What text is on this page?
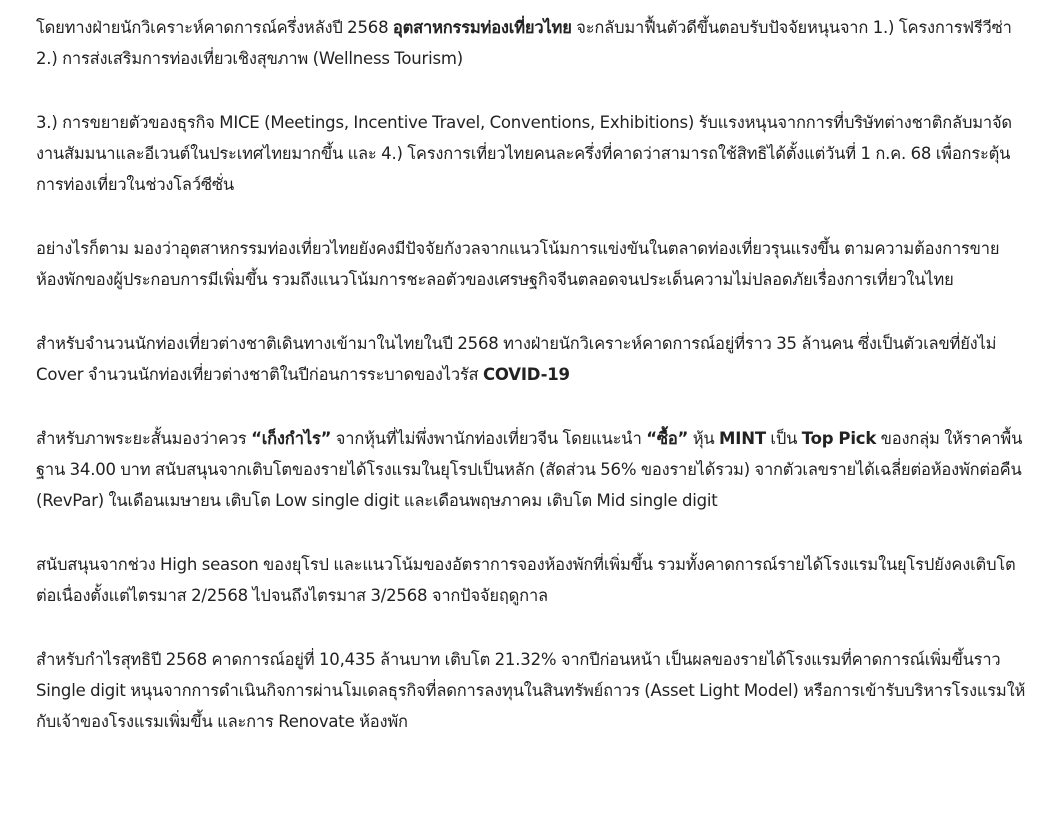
โดยทางฝ่ายนักวิเคราะห์คาดการณ์ครึ่งหลังปี 2568 อุตสาหกรรมท่องเที่ยวไทย จะกลับมาฟื้นตัวดีขึ้นตอบรับปัจจัยหนุนจาก 1.) โครงการฟรีวีซ่า 2.) การส่งเสริมการท่องเที่ยวเชิงสุขภาพ (Wellness Tourism)

3.) การขยายตัวของธุรกิจ MICE (Meetings, Incentive Travel, Conventions, Exhibitions) รับแรงหนุนจากการที่บริษัทต่างชาติกลับมาจัดงานสัมมนาและอีเวนต์ในประเทศไทยมากขึ้น และ 4.) โครงการเที่ยวไทยคนละครึ่งที่คาดว่าสามารถใช้สิทธิได้ตั้งแต่วันที่ 1 ก.ค. 68 เพื่อกระตุ้นการท่องเที่ยวในช่วงโลว์ซีซั่น

อย่างไรก็ตาม มองว่าอุตสาหกรรมท่องเที่ยวไทยยังคงมีปัจจัยกังวลจากแนวโน้มการแข่งขันในตลาดท่องเที่ยวรุนแรงขึ้น ตามความต้องการขายห้องพักของผู้ประกอบการมีเพิ่มขึ้น รวมถึงแนวโน้มการชะลอตัวของเศรษฐกิจจีนตลอดจนประเด็นความไม่ปลอดภัยเรื่องการเที่ยวในไทย

สำหรับจำนวนนักท่องเที่ยวต่างชาติเดินทางเข้ามาในไทยในปี 2568 ทางฝ่ายนักวิเคราะห์คาดการณ์อยู่ที่ราว 35 ล้านคน ซึ่งเป็นตัวเลขที่ยังไม่ Cover จำนวนนักท่องเที่ยวต่างชาติในปีก่อนการระบาดของไวรัส COVID-19

สำหรับภาพระยะสั้นมองว่าควร “เก็งกำไร” จากหุ้นที่ไม่พึ่งพานักท่องเที่ยวจีน โดยแนะนำ “ซื้อ” หุ้น MINT เป็น Top Pick ของกลุ่ม ให้ราคาพื้นฐาน 34.00 บาท สนับสนุนจากเติบโตของรายได้โรงแรมในยุโรปเป็นหลัก (สัดส่วน 56% ของรายได้รวม) จากตัวเลขรายได้เฉลี่ยต่อห้องพักต่อคืน (RevPar) ในเดือนเมษายน เติบโต Low single digit และเดือนพฤษภาคม เติบโต Mid single digit

สนับสนุนจากช่วง High season ของยุโรป และแนวโน้มของอัตราการจองห้องพักที่เพิ่มขึ้น รวมทั้งคาดการณ์รายได้โรงแรมในยุโรปยังคงเติบโตต่อเนื่องตั้งแต่ไตรมาส 2/2568 ไปจนถึงไตรมาส 3/2568 จากปัจจัยฤดูกาล

สำหรับกำไรสุทธิปี 2568 คาดการณ์อยู่ที่ 10,435 ล้านบาท เติบโต 21.32% จากปีก่อนหน้า เป็นผลของรายได้โรงแรมที่คาดการณ์เพิ่มขึ้นราว Single digit หนุนจากการดำเนินกิจการผ่านโมเดลธุรกิจที่ลดการลงทุนในสินทรัพย์ถาวร (Asset Light Model) หรือการเข้ารับบริหารโรงแรมให้กับเจ้าของโรงแรมเพิ่มขึ้น และการ Renovate ห้องพัก
